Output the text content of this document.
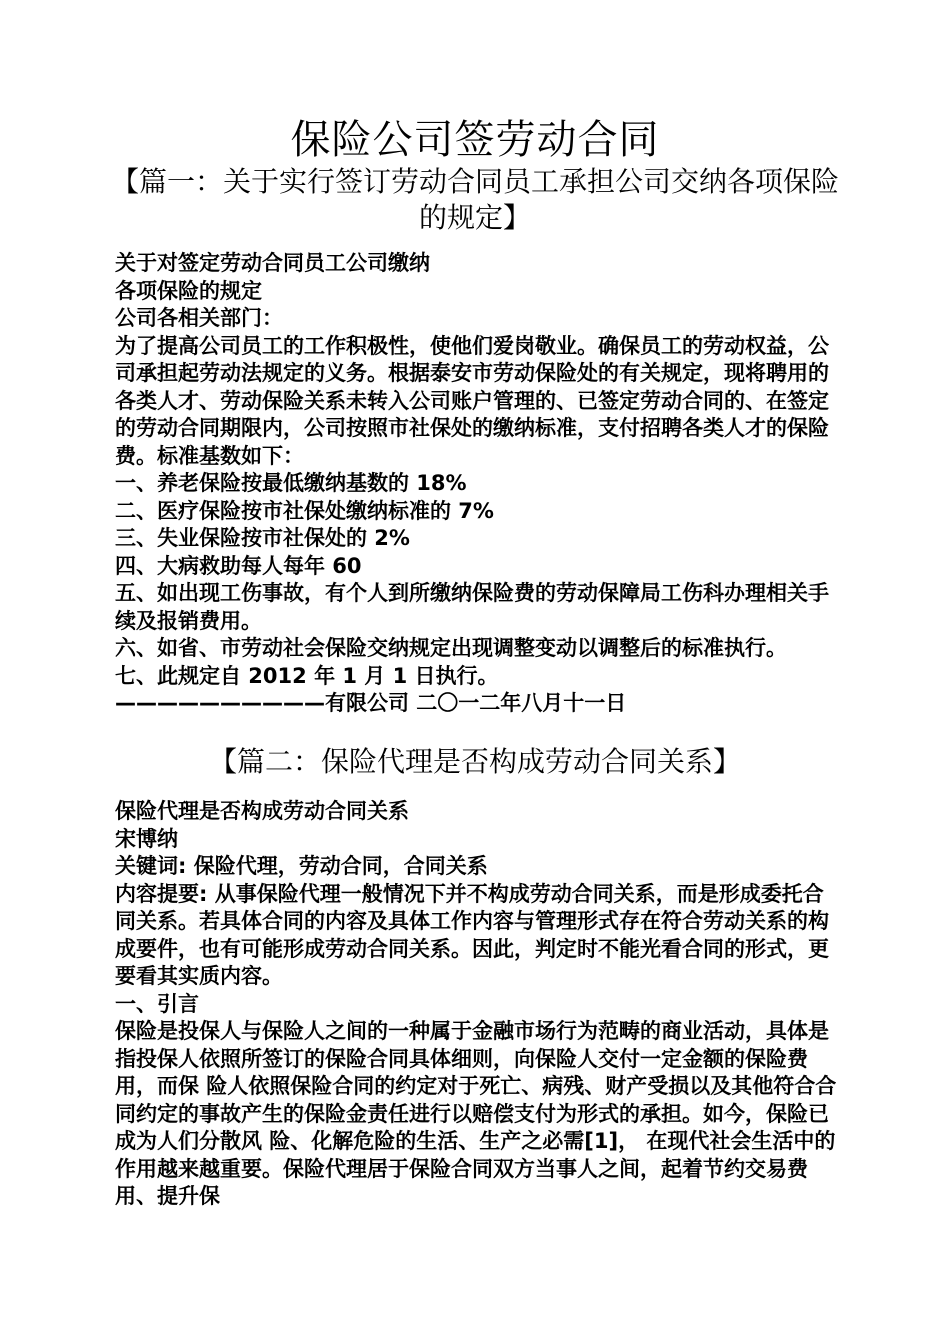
保险公司签劳动合同
【篇一：关于实行签订劳动合同员工承担公司交纳各项保险的规定】

关于对签定劳动合同员工公司缴纳

各项保险的规定

公司各相关部门：

为了提高公司员工的工作积极性，使他们爱岗敬业。确保员工的劳动权益，公司承担起劳动法规定的义务。根据泰安市劳动保险处的有关规定，现将聘用的各类人才、劳动保险关系未转入公司账户管理的、已签定劳动合同的、在签定的劳动合同期限内，公司按照市社保处的缴纳标准，支付招聘各类人才的保险费。标准基数如下：

一、养老保险按最低缴纳基数的 18%

二、医疗保险按市社保处缴纳标准的 7%

三、失业保险按市社保处的 2%

四、大病救助每人每年 60

五、如出现工伤事故，有个人到所缴纳保险费的劳动保障局工伤科办理相关手续及报销费用。

六、如省、市劳动社会保险交纳规定出现调整变动以调整后的标准执行。

七、此规定自 2012 年 1 月 1 日执行。

——————————有限公司 二〇一二年八月十一日

【篇二：保险代理是否构成劳动合同关系】

保险代理是否构成劳动合同关系

宋博纳

关键词: 保险代理，劳动合同，合同关系

内容提要: 从事保险代理一般情况下并不构成劳动合同关系，而是形成委托合同关系。若具体合同的内容及具体工作内容与管理形式存在符合劳动关系的构成要件，也有可能形成劳动合同关系。因此，判定时不能光看合同的形式，更要看其实质内容。

一、引言

保险是投保人与保险人之间的一种属于金融市场行为范畴的商业活动，具体是指投保人依照所签订的保险合同具体细则，向保险人交付一定金额的保险费用，而保 险人依照保险合同的约定对于死亡、病残、财产受损以及其他符合合同约定的事故产生的保险金责任进行以赔偿支付为形式的承担。如今，保险已成为人们分散风 险、化解危险的生活、生产之必需[1]， 在现代社会生活中的作用越来越重要。保险代理居于保险合同双方当事人之间，起着节约交易费用、提升保
